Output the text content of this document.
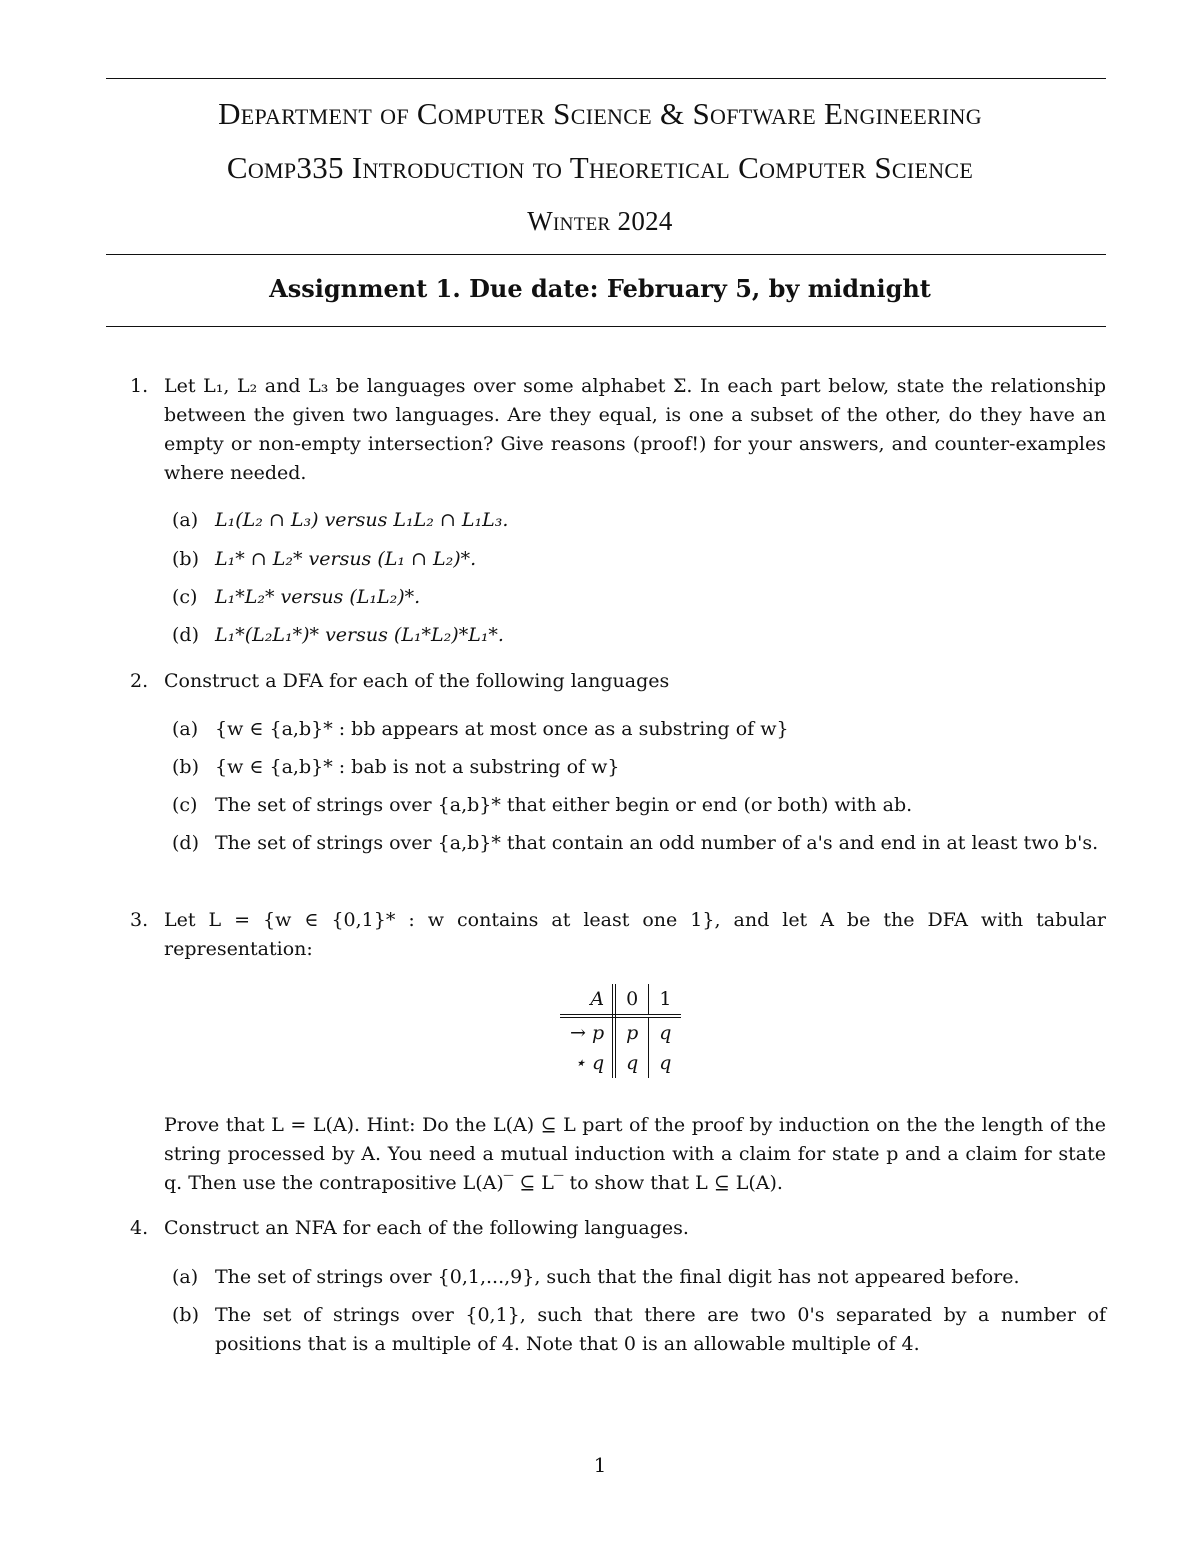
Department of Computer Science & Software Engineering
Comp335 Introduction to Theoretical Computer Science
Winter 2024
Assignment 1. Due date: February 5, by midnight
1. Let L₁, L₂ and L₃ be languages over some alphabet Σ. In each part below, state the relationship between the given two languages. Are they equal, is one a subset of the other, do they have an empty or non-empty intersection? Give reasons (proof!) for your answers, and counter-examples where needed.
(a) L₁(L₂ ∩ L₃) versus L₁L₂ ∩ L₁L₃.
(b) L₁* ∩ L₂* versus (L₁ ∩ L₂)*.
(c) L₁*L₂* versus (L₁L₂)*.
(d) L₁*(L₂L₁*)* versus (L₁*L₂)*L₁*.
2. Construct a DFA for each of the following languages
(a) {w ∈ {a,b}* : bb appears at most once as a substring of w}
(b) {w ∈ {a,b}* : bab is not a substring of w}
(c) The set of strings over {a,b}* that either begin or end (or both) with ab.
(d) The set of strings over {a,b}* that contain an odd number of a's and end in at least two b's.
3. Let L = {w ∈ {0,1}* : w contains at least one 1}, and let A be the DFA with tabular representation:
A	0	1
→ p	p	q
⋆ q	q	q
Prove that L = L(A). Hint: Do the L(A) ⊆ L part of the proof by induction on the the length of the string processed by A. You need a mutual induction with a claim for state p and a claim for state q. Then use the contrapositive L(A)‾ ⊆ L‾ to show that L ⊆ L(A).
4. Construct an NFA for each of the following languages.
(a) The set of strings over {0,1,...,9}, such that the final digit has not appeared before.
(b) The set of strings over {0,1}, such that there are two 0's separated by a number of positions that is a multiple of 4. Note that 0 is an allowable multiple of 4.
1
